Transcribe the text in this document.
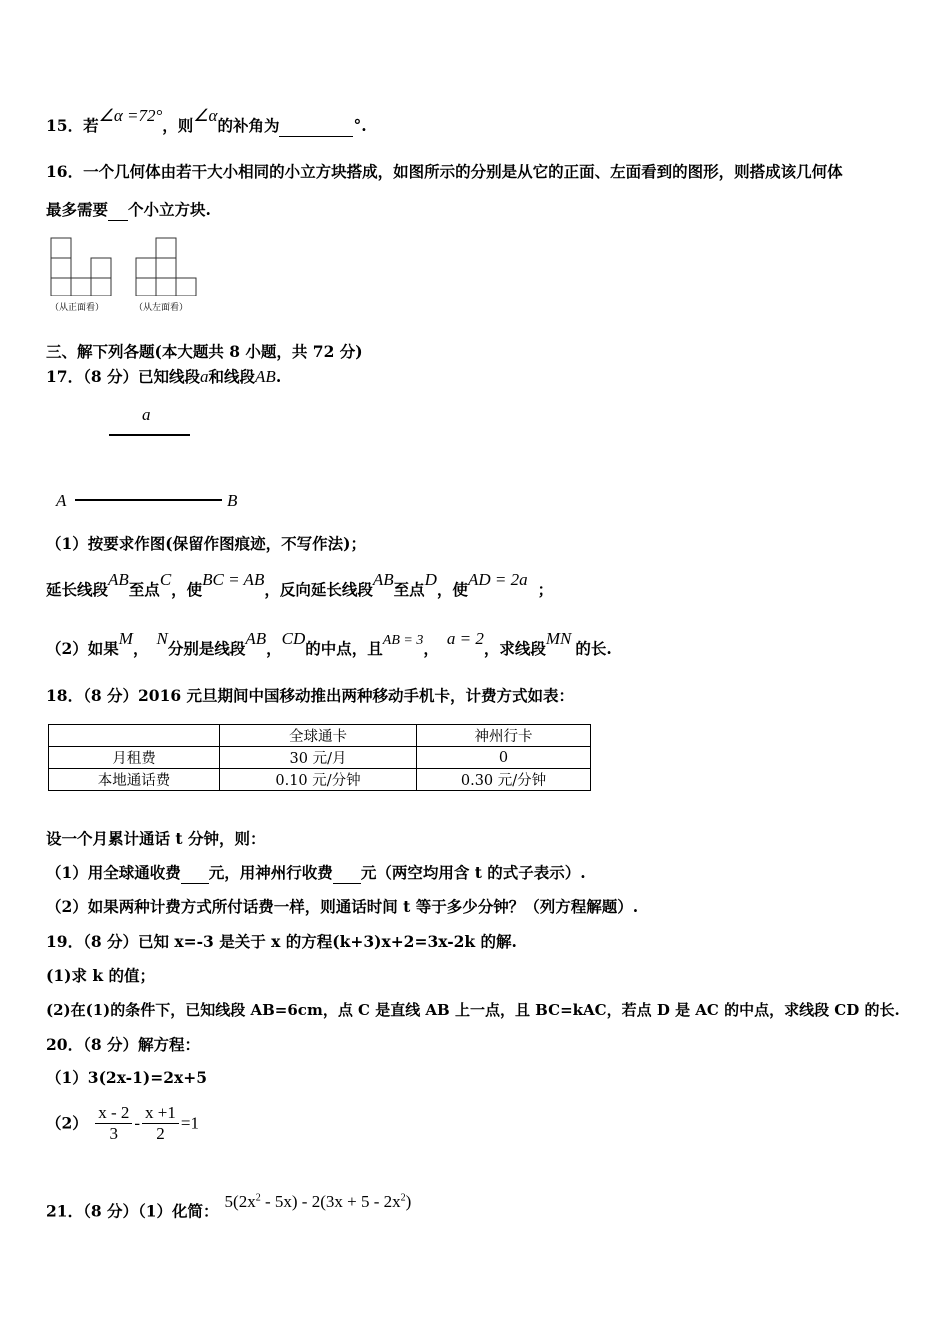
15．若∠α =72°，则∠α的补角为	°.
16．一个几何体由若干大小相同的小立方块搭成，如图所示的分别是从它的正面、左面看到的图形，则搭成该几何体
最多需要 个小立方块.
（从正面看）	（从左面看）
三、解下列各题(本大题共 8 小题，共 72 分)
17．（8 分）已知线段a和线段AB.
a
A	B
（1）按要求作图(保留作图痕迹，不写作法)；
延长线段AB至点C，使BC = AB，反向延长线段AB至点D，使AD = 2a；
（2）如果M，N分别是线段AB，CD的中点，且AB = 3，a = 2，求线段MN的长.
18．（8 分）2016 元旦期间中国移动推出两种移动手机卡，计费方式如表：
	全球通卡	神州行卡
月租费	30 元/月	0
本地通话费	0.10 元/分钟	0.30 元/分钟
设一个月累计通话 t 分钟，则：
（1）用全球通收费 元，用神州行收费 元（两空均用含 t 的式子表示）.
（2）如果两种计费方式所付话费一样，则通话时间 t 等于多少分钟？（列方程解题）.
19．（8 分）已知 x=-3 是关于 x 的方程(k+3)x+2=3x-2k 的解.
(1)求 k 的值；
(2)在(1)的条件下，已知线段 AB=6cm，点 C 是直线 AB 上一点，且 BC=kAC，若点 D 是 AC 的中点，求线段 CD 的长.
20．（8 分）解方程：
（1）3(2x-1)=2x+5
$(2) \frac{x - 2}{3} - \frac{x +1}{2} =1$
21．（8 分）（1）化简：$5(2x^2 - 5x) - 2(3x + 5 - 2x^2)$
